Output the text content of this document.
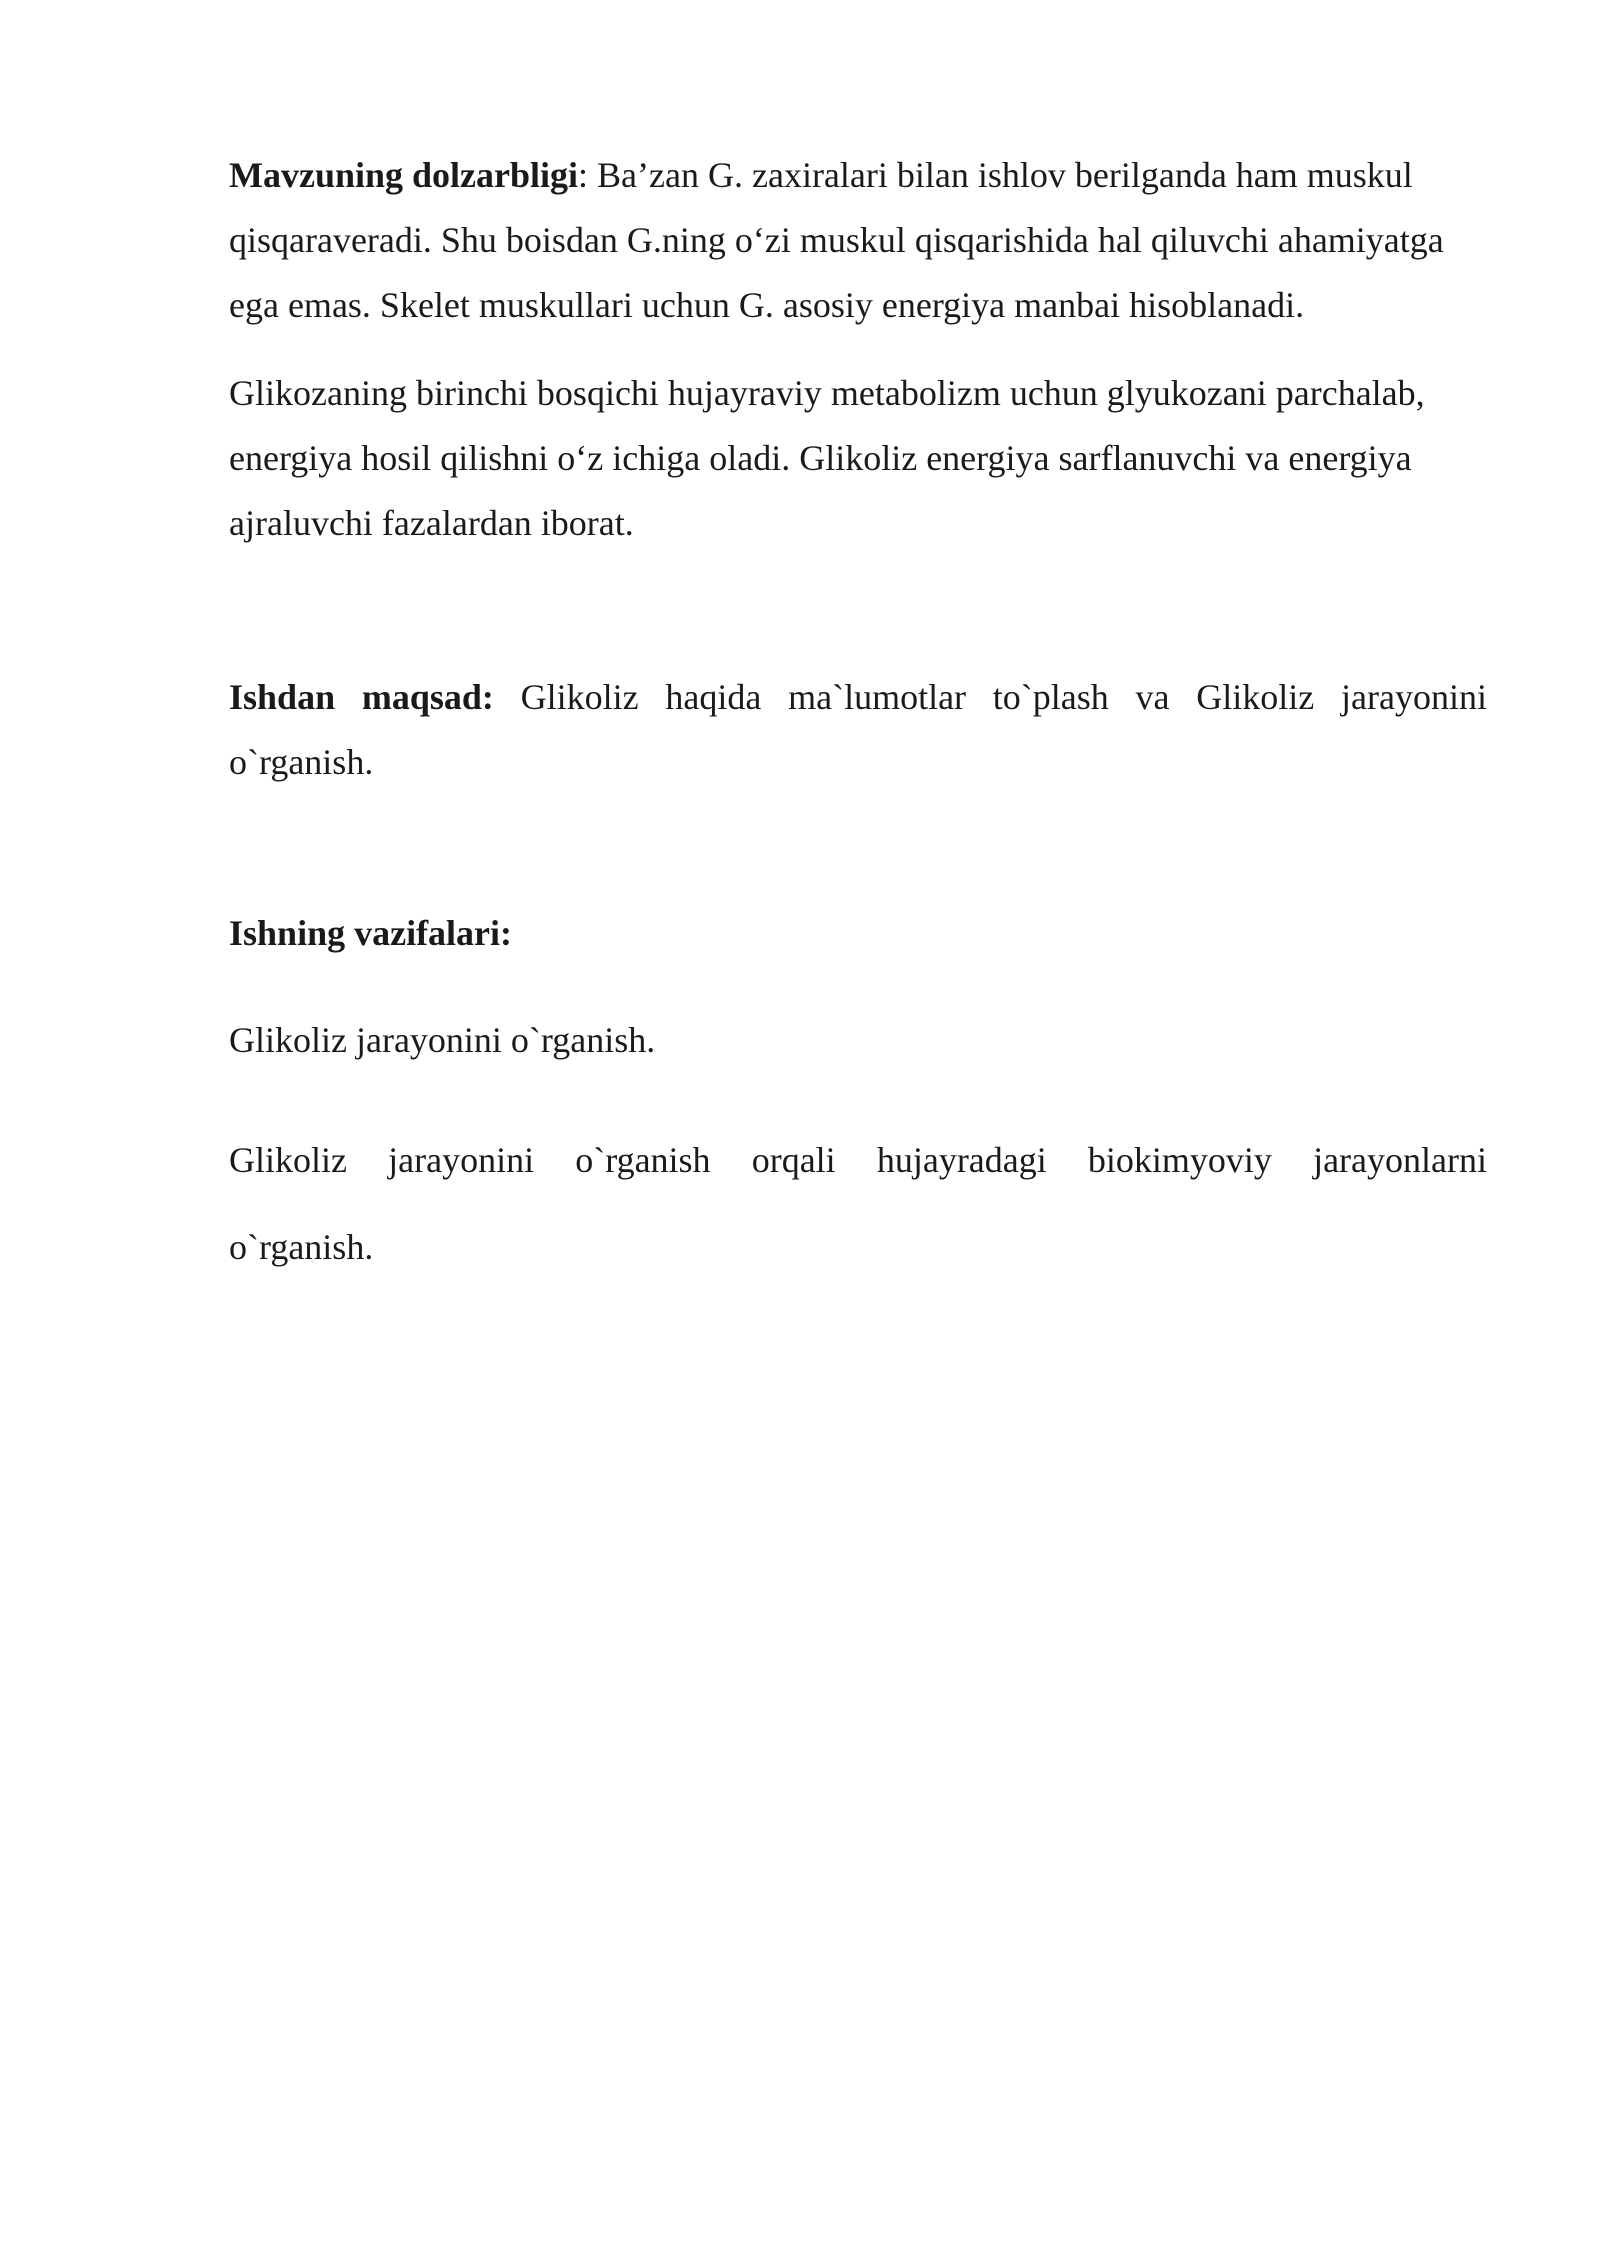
Mavzuning dolzarbligi: Ba’zan G. zaxiralari bilan ishlov berilganda ham muskul qisqaraveradi. Shu boisdan G.ning o‘zi muskul qisqarishida hal qiluvchi ahamiyatga ega emas. Skelet muskullari uchun G. asosiy energiya manbai hisoblanadi.

Glikozaning birinchi bosqichi hujayraviy metabolizm uchun glyukozani parchalab, energiya hosil qilishni o‘z ichiga oladi. Glikoliz energiya sarflanuvchi va energiya ajraluvchi fazalardan iborat.

Ishdan maqsad: Glikoliz haqida ma`lumotlar to`plash va Glikoliz jarayonini o`rganish.

Ishning vazifalari:

Glikoliz jarayonini o`rganish.

Glikoliz jarayonini o`rganish orqali hujayradagi biokimyoviy jarayonlarni
o`rganish.
